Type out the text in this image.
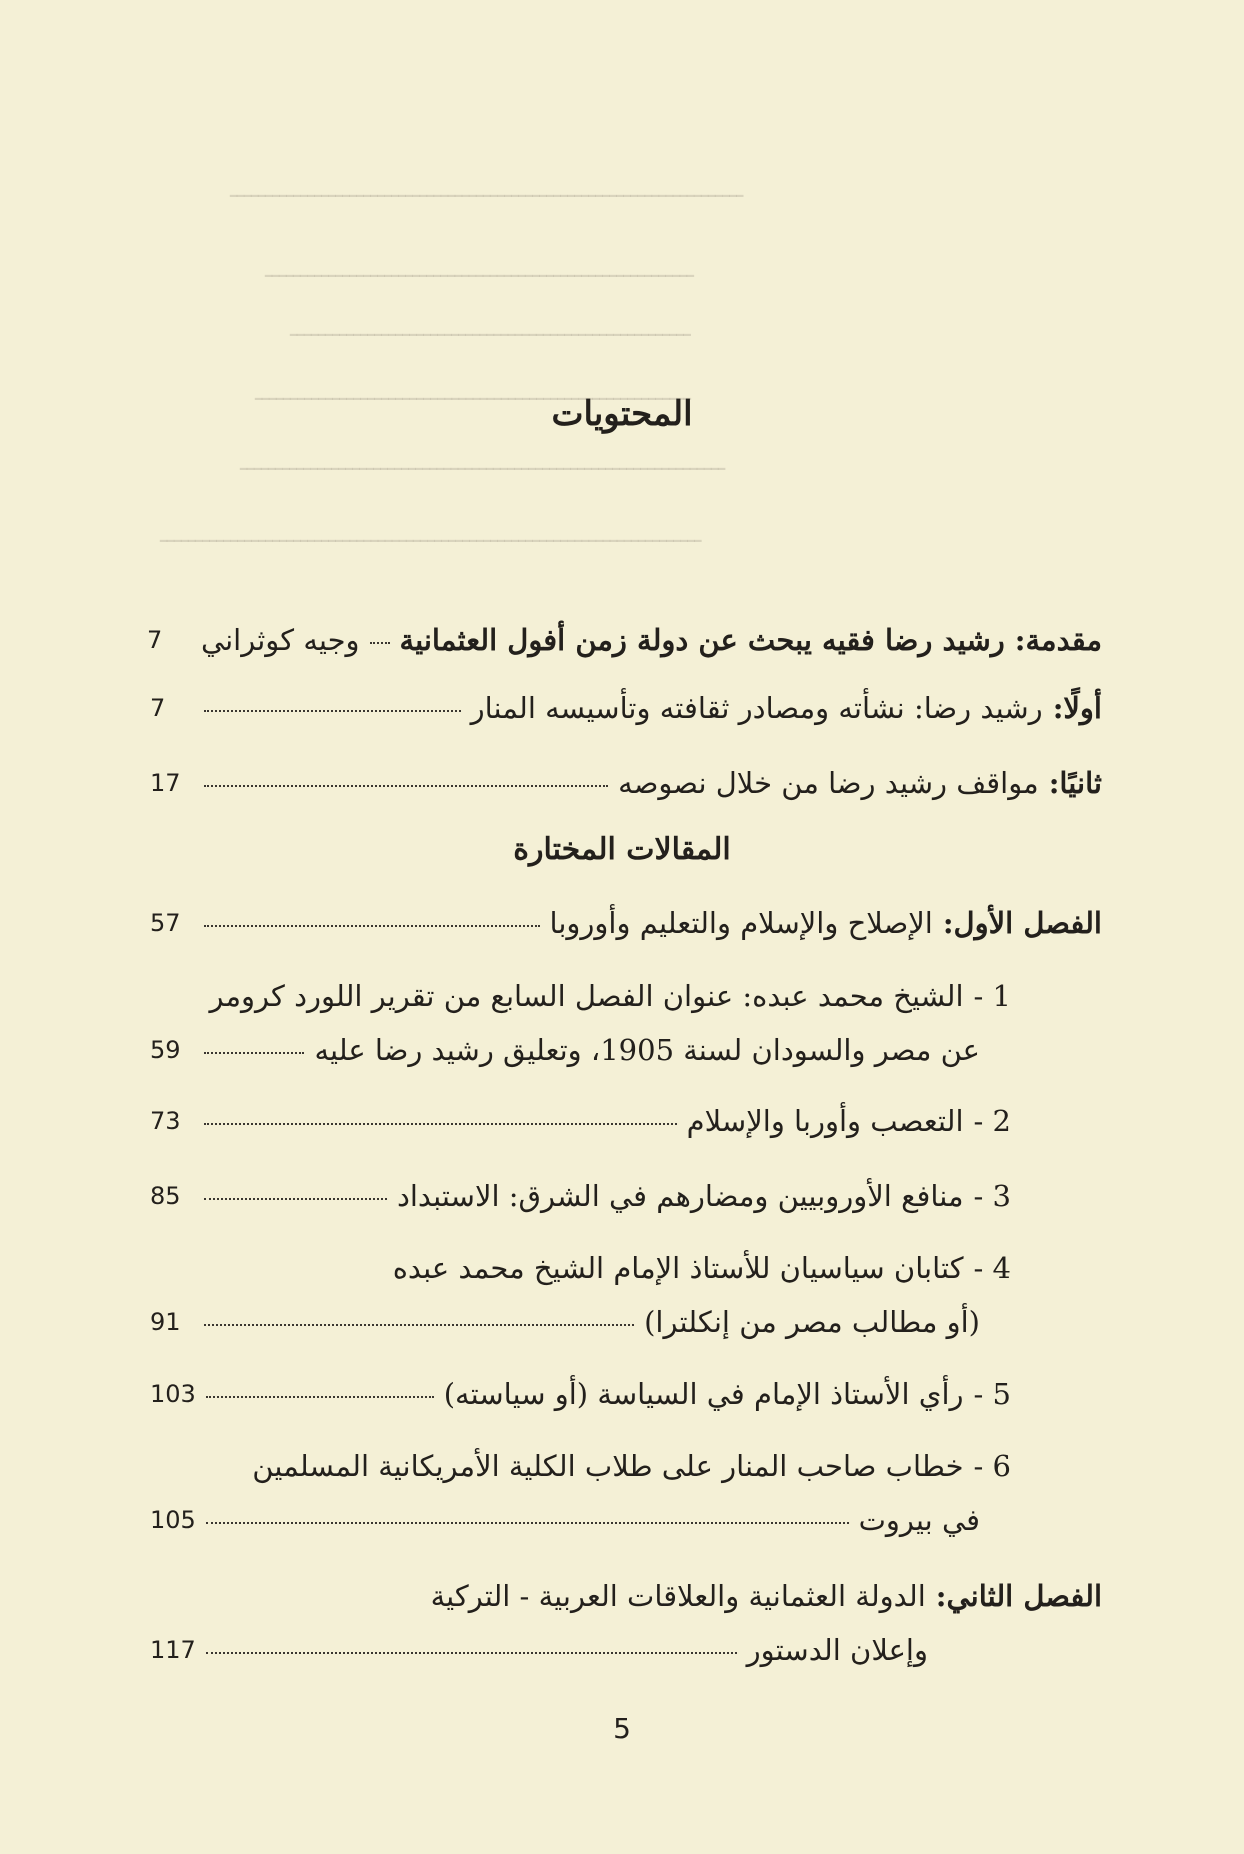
ـــــــــــــــــــــــــــــــــــــــــــــــــــــــــــــــــــــــــ
ـــــــــــــــــــــــــــــــــــــــــــــــــــــــــــــ
ـــــــــــــــــــــــــــــــــــــــــــــــــــــــــ
ــــــــــــــــــــــــــــــــــــــــــــــــــــــــــــــ
ـــــــــــــــــــــــــــــــــــــــــــــــــــــــــــــــــــــ
ـــــــــــــــــــــــــــــــــــــــــــــــــــــــــــــــــــــــــــــ
المحتويات
مقدمة:
رشيد رضا فقيه يبحث عن دولة زمن أفول العثمانية
وجيه كوثراني
7
أولًا:
رشيد رضا: نشأته ومصادر ثقافته وتأسيسه المنار
7
ثانيًا:
مواقف رشيد رضا من خلال نصوصه
17
المقالات المختارة
الفصل الأول:
الإصلاح والإسلام والتعليم وأوروبا
57
1 -
الشيخ محمد عبده: عنوان الفصل السابع من تقرير اللورد كرومر
عن مصر والسودان لسنة 1905، وتعليق رشيد رضا عليه
59
2 -
التعصب وأوربا والإسلام
73
3 -
منافع الأوروبيين ومضارهم في الشرق: الاستبداد
85
4 -
كتابان سياسيان للأستاذ الإمام الشيخ محمد عبده
(أو مطالب مصر من إنكلترا)
91
5 -
رأي الأستاذ الإمام في السياسة (أو سياسته)
103
6 -
خطاب صاحب المنار على طلاب الكلية الأمريكانية المسلمين
في بيروت
105
الفصل الثاني:
الدولة العثمانية والعلاقات العربية - التركية
وإعلان الدستور
117
5
